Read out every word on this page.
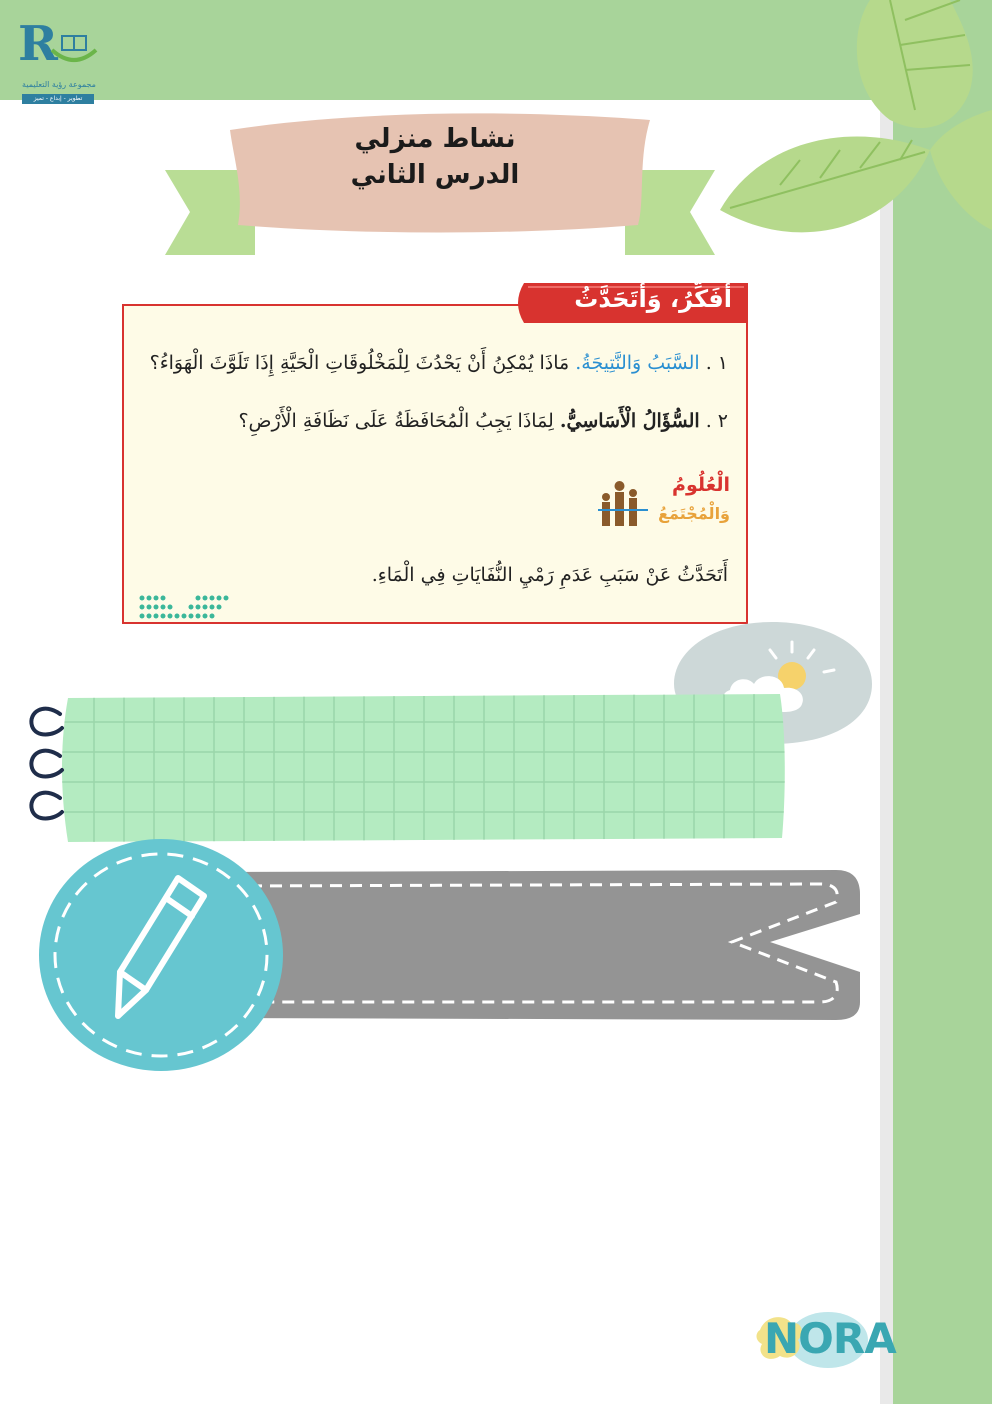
R
مجموعة رؤية التعليمية
تطوير - إبداع - تميز
نشاط منزلي
الدرس الثاني
أُفَكِّرُ، وَأَتَحَدَّثُ
١ . السَّبَبُ وَالنَّتِيجَةُ. مَاذَا يُمْكِنُ أَنْ يَحْدُثَ لِلْمَخْلُوقَاتِ الْحَيَّةِ إِذَا تَلَوَّثَ الْهَوَاءُ؟
٢ . السُّؤَالُ الْأَسَاسِيُّ. لِمَاذَا يَجِبُ الْمُحَافَظَةُ عَلَى نَظَافَةِ الْأَرْضِ؟
الْعُلُومُ
وَالْمُجْتَمَعُ
أَتَحَدَّثُ عَنْ سَبَبِ عَدَمِ رَمْيِ النُّفَايَاتِ فِي الْمَاءِ.
NORA
